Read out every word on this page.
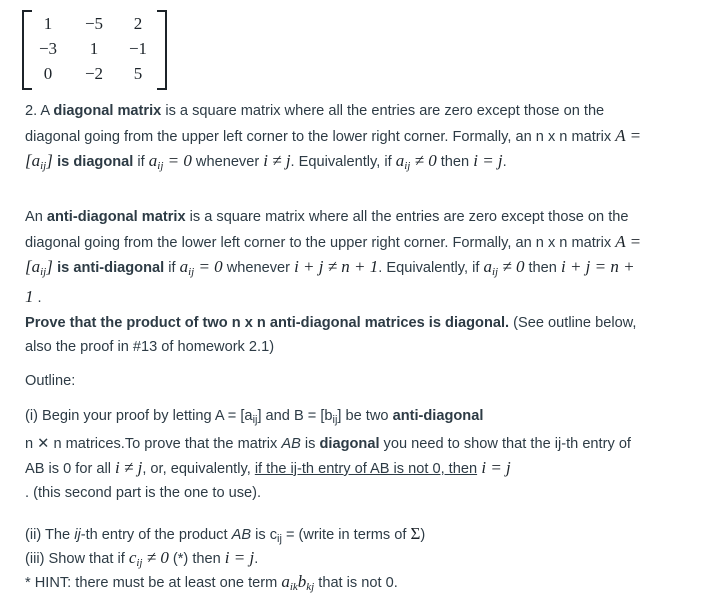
1	−5	2
−3	1	−1
0	−2	5
2. A diagonal matrix is a square matrix where all the entries are zero except those on the diagonal going from the upper left corner to the lower right corner. Formally, an n x n matrix $A = [a_{ij}]$ is diagonal if $a_{ij} = 0$ whenever i ≠ j. Equivalently, if $a_{ij} \ne 0$ then i = j.
An anti-diagonal matrix is a square matrix where all the entries are zero except those on the diagonal going from the lower left corner to the upper right corner. Formally, an n x n matrix $A = [a_{ij}]$ is anti-diagonal if $a_{ij} = 0$ whenever i + j ≠ n + 1. Equivalently, if $a_{ij} \ne 0$ then i + j = n + 1 .
Prove that the product of two n x n anti-diagonal matrices is diagonal. (See outline below, also the proof in #13 of homework 2.1)
Outline:
(i) Begin your proof by letting $A = [a_{ij}]$ and $B = [b_{ij}]$ be two anti-diagonal
n ✕ n matrices.To prove that the matrix AB is diagonal you need to show that the ij-th entry of AB is 0 for all i ≠ j, or, equivalently, if the ij-th entry of AB is not 0, then i = j
. (this second part is the one to use).
(ii) The ij-th entry of the product AB is $c_{ij}$ = (write in terms of Σ)
(iii) Show that if $c_{ij} \ne 0$ (*) then i = j.
* HINT: there must be at least one term $a_{ik}b_{kj}$ that is not 0.
